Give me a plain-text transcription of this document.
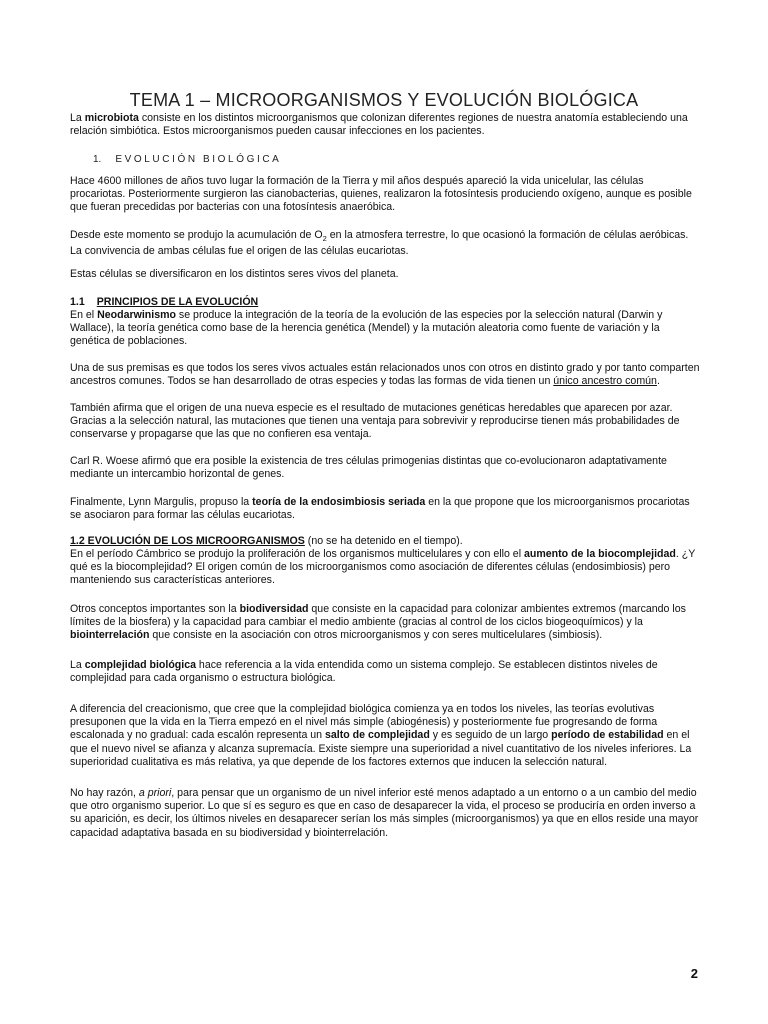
TEMA 1 – MICROORGANISMOS Y EVOLUCIÓN BIOLÓGICA

La microbiota consiste en los distintos microorganismos que colonizan diferentes regiones de nuestra anatomía estableciendo una relación simbiótica. Estos microorganismos pueden causar infecciones en los pacientes.

1. EVOLUCIÓN BIOLÓGICA

Hace 4600 millones de años tuvo lugar la formación de la Tierra y mil años después apareció la vida unicelular, las células procariotas. Posteriormente surgieron las cianobacterias, quienes, realizaron la fotosíntesis produciendo oxígeno, aunque es posible que fueran precedidas por bacterias con una fotosíntesis anaeróbica.

Desde este momento se produjo la acumulación de $O_2$ en la atmosfera terrestre, lo que ocasionó la formación de células aeróbicas. La convivencia de ambas células fue el origen de las células eucariotas.

Estas células se diversificaron en los distintos seres vivos del planeta.

1.1 PRINCIPIOS DE LA EVOLUCIÓN

En el Neodarwinismo se produce la integración de la teoría de la evolución de las especies por la selección natural (Darwin y Wallace), la teoría genética como base de la herencia genética (Mendel) y la mutación aleatoria como fuente de variación y la genética de poblaciones.

Una de sus premisas es que todos los seres vivos actuales están relacionados unos con otros en distinto grado y por tanto comparten ancestros comunes. Todos se han desarrollado de otras especies y todas las formas de vida tienen un único ancestro común.

También afirma que el origen de una nueva especie es el resultado de mutaciones genéticas heredables que aparecen por azar. Gracias a la selección natural, las mutaciones que tienen una ventaja para sobrevivir y reproducirse tienen más probabilidades de conservarse y propagarse que las que no confieren esa ventaja.

Carl R. Woese afirmó que era posible la existencia de tres células primogenias distintas que co-evolucionaron adaptativamente mediante un intercambio horizontal de genes.

Finalmente, Lynn Margulis, propuso la teoría de la endosimbiosis seriada en la que propone que los microorganismos procariotas se asociaron para formar las células eucariotas.

1.2 EVOLUCIÓN DE LOS MICROORGANISMOS (no se ha detenido en el tiempo).

En el período Cámbrico se produjo la proliferación de los organismos multicelulares y con ello el aumento de la biocomplejidad. ¿Y qué es la biocomplejidad? El origen común de los microorganismos como asociación de diferentes células (endosimbiosis) pero manteniendo sus características anteriores.

Otros conceptos importantes son la biodiversidad que consiste en la capacidad para colonizar ambientes extremos (marcando los límites de la biosfera) y la capacidad para cambiar el medio ambiente (gracias al control de los ciclos biogeoquímicos) y la biointerrelación que consiste en la asociación con otros microorganismos y con seres multicelulares (simbiosis).

La complejidad biológica hace referencia a la vida entendida como un sistema complejo. Se establecen distintos niveles de complejidad para cada organismo o estructura biológica.

A diferencia del creacionismo, que cree que la complejidad biológica comienza ya en todos los niveles, las teorías evolutivas presuponen que la vida en la Tierra empezó en el nivel más simple (abiogénesis) y posteriormente fue progresando de forma escalonada y no gradual: cada escalón representa un salto de complejidad y es seguido de un largo período de estabilidad en el que el nuevo nivel se afianza y alcanza supremacía. Existe siempre una superioridad a nivel cuantitativo de los niveles inferiores. La superioridad cualitativa es más relativa, ya que depende de los factores externos que inducen la selección natural.

No hay razón, a priori, para pensar que un organismo de un nivel inferior esté menos adaptado a un entorno o a un cambio del medio que otro organismo superior. Lo que sí es seguro es que en caso de desaparecer la vida, el proceso se produciría en orden inverso a su aparición, es decir, los últimos niveles en desaparecer serían los más simples (microorganismos) ya que en ellos reside una mayor capacidad adaptativa basada en su biodiversidad y biointerrelación.

2
